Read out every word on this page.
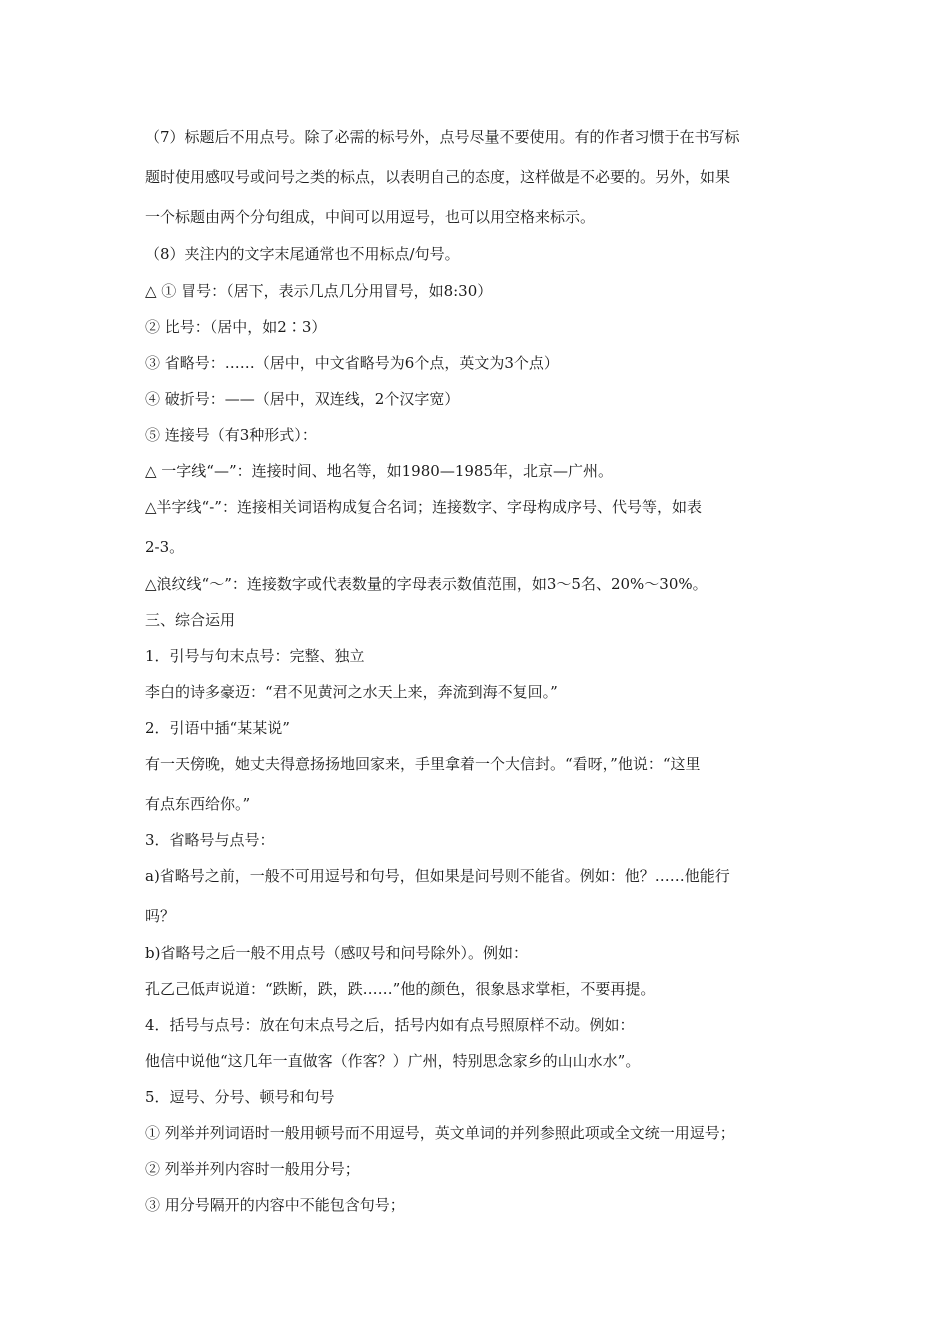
（7）标题后不用点号。除了必需的标号外，点号尽量不要使用。有的作者习惯于在书写标
题时使用感叹号或问号之类的标点，以表明自己的态度，这样做是不必要的。另外，如果
一个标题由两个分句组成，中间可以用逗号，也可以用空格来标示。
（8）夹注内的文字末尾通常也不用标点/句号。
△ ① 冒号：（居下，表示几点几分用冒号，如8:30）
② 比号：（居中，如2∶3）
③ 省略号：……（居中，中文省略号为6个点，英文为3个点）
④ 破折号：——（居中，双连线，2个汉字宽）
⑤ 连接号（有3种形式）：
△ 一字线“—”：连接时间、地名等，如1980—1985年，北京—广州。
△半字线“-”：连接相关词语构成复合名词；连接数字、字母构成序号、代号等，如表
2-3。
△浪纹线“～”：连接数字或代表数量的字母表示数值范围，如3～5名、20%～30%。
三、综合运用
1．引号与句末点号：完整、独立
李白的诗多豪迈：“君不见黄河之水天上来，奔流到海不复回。”
2．引语中插“某某说”
有一天傍晚，她丈夫得意扬扬地回家来，手里拿着一个大信封。“看呀，”他说：“这里
有点东西给你。”
3．省略号与点号：
a)省略号之前，一般不可用逗号和句号，但如果是问号则不能省。例如：他？……他能行
吗？
b)省略号之后一般不用点号（感叹号和问号除外）。例如：
孔乙己低声说道：“跌断，跌，跌……”他的颜色，很象恳求掌柜，不要再提。
4．括号与点号：放在句末点号之后，括号内如有点号照原样不动。例如：
他信中说他“这几年一直做客（作客？）广州，特别思念家乡的山山水水”。
5．逗号、分号、顿号和句号
① 列举并列词语时一般用顿号而不用逗号，英文单词的并列参照此项或全文统一用逗号；
② 列举并列内容时一般用分号；
③ 用分号隔开的内容中不能包含句号；
